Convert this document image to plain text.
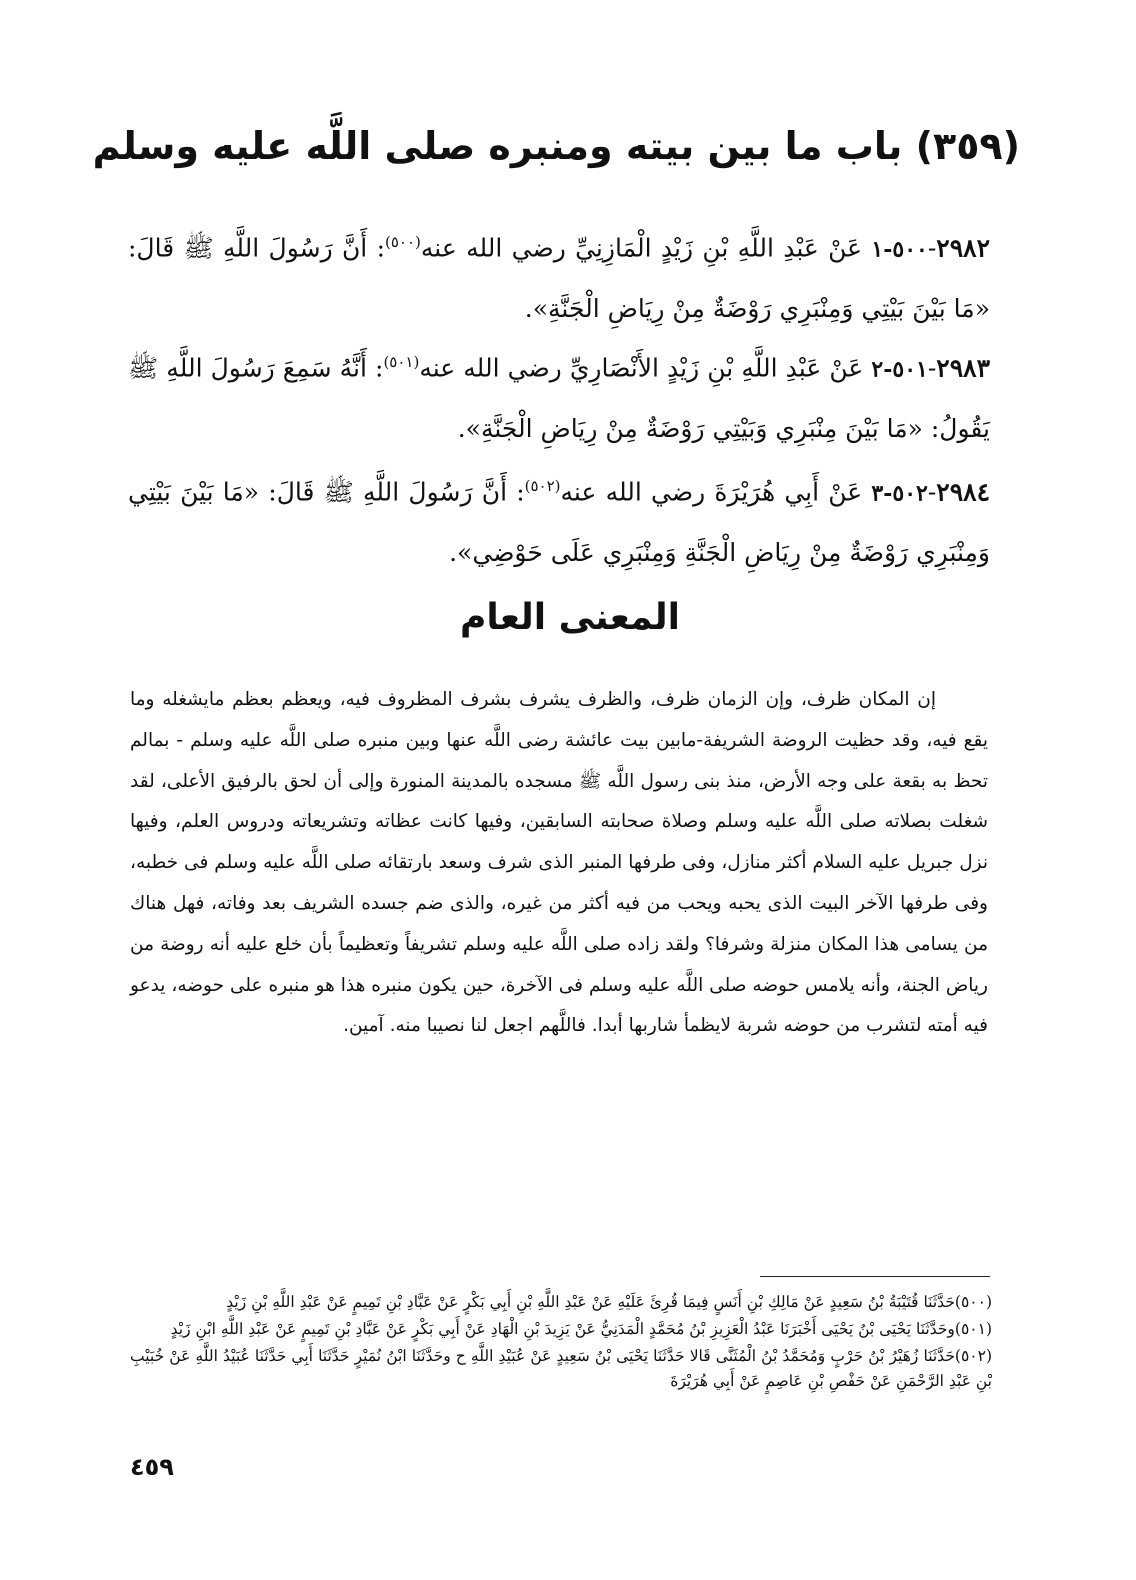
(٣٥٩) باب ما بين بيته ومنبره صلى اللَّه عليه وسلم
٢٩٨٢-٥٠٠-١ عَنْ عَبْدِ اللَّهِ بْنِ زَيْدٍ الْمَازِنِيِّ رضي الله عنه$^{(٥٠٠)}$: أَنَّ رَسُولَ اللَّهِ ﷺ قَالَ: «مَا بَيْنَ بَيْتِي وَمِنْبَرِي رَوْضَةٌ مِنْ رِيَاضِ الْجَنَّةِ».
٢٩٨٣-٥٠١-٢ عَنْ عَبْدِ اللَّهِ بْنِ زَيْدٍ الأَنْصَارِيِّ رضي الله عنه$^{(٥٠١)}$: أَنَّهُ سَمِعَ رَسُولَ اللَّهِ ﷺ يَقُولُ: «مَا بَيْنَ مِنْبَرِي وَبَيْتِي رَوْضَةٌ مِنْ رِيَاضِ الْجَنَّةِ».
٢٩٨٤-٥٠٢-٣ عَنْ أَبِي هُرَيْرَةَ رضي الله عنه$^{(٥٠٢)}$: أَنَّ رَسُولَ اللَّهِ ﷺ قَالَ: «مَا بَيْنَ بَيْتِي وَمِنْبَرِي رَوْضَةٌ مِنْ رِيَاضِ الْجَنَّةِ وَمِنْبَرِي عَلَى حَوْضِي».
المعنى العام
إن المكان ظرف، وإن الزمان ظرف، والظرف يشرف بشرف المظروف فيه، ويعظم بعظم مايشغله وما يقع فيه، وقد حظيت الروضة الشريفة-مابين بيت عائشة رضى اللَّه عنها وبين منبره صلى اللَّه عليه وسلم - بمالم تحظ به بقعة على وجه الأرض، منذ بنى رسول اللَّه ﷺ مسجده بالمدينة المنورة وإلى أن لحق بالرفيق الأعلى، لقد شغلت بصلاته صلى اللَّه عليه وسلم وصلاة صحابته السابقين، وفيها كانت عظاته وتشريعاته ودروس العلم، وفيها نزل جبريل عليه السلام أكثر منازل، وفى طرفها المنبر الذى شرف وسعد بارتقائه صلى اللَّه عليه وسلم فى خطبه، وفى طرفها الآخر البيت الذى يحبه ويحب من فيه أكثر من غيره، والذى ضم جسده الشريف بعد وفاته، فهل هناك من يسامى هذا المكان منزلة وشرفا؟ ولقد زاده صلى اللَّه عليه وسلم تشريفاً وتعظيماً بأن خلع عليه أنه روضة من رياض الجنة، وأنه يلامس حوضه صلى اللَّه عليه وسلم فى الآخرة، حين يكون منبره هذا هو منبره على حوضه، يدعو فيه أمته لتشرب من حوضه شربة لايظمأ شاربها أبدا. فاللَّهم اجعل لنا نصيبا منه. آمين.

(٥٠٠)حَدَّثَنَا قُتَيْبَةُ بْنُ سَعِيدٍ عَنْ مَالِكِ بْنِ أَنَسٍ فِيمَا قُرِئَ عَلَيْهِ عَنْ عَبْدِ اللَّهِ بْنِ أَبِي بَكْرٍ عَنْ عَبَّادِ بْنِ تَمِيمٍ عَنْ عَبْدِ اللَّهِ بْنِ زَيْدٍ

(٥٠١)وحَدَّثَنَا يَحْيَى بْنُ يَحْيَى أَخْبَرَنَا عَبْدُ الْعَزِيزِ بْنُ مُحَمَّدٍ الْمَدَنِيُّ عَنْ يَزِيدَ بْنِ الْهَادِ عَنْ أَبِي بَكْرٍ عَنْ عَبَّادِ بْنِ تَمِيمٍ عَنْ عَبْدِ اللَّهِ ابْنِ زَيْدٍ

(٥٠٢)حَدَّثَنَا زُهَيْرُ بْنُ حَرْبٍ وَمُحَمَّدُ بْنُ الْمُثَنَّى قَالا حَدَّثَنَا يَحْيَى بْنُ سَعِيدٍ عَنْ عُبَيْدِ اللَّهِ ح وحَدَّثَنَا ابْنُ نُمَيْرٍ حَدَّثَنَا أَبِي حَدَّثَنَا عُبَيْدُ اللَّهِ عَنْ خُبَيْبِ بْنِ عَبْدِ الرَّحْمَنِ عَنْ حَفْصِ بْنِ عَاصِمٍ عَنْ أَبِي هُرَيْرَةَ

٤٥٩
